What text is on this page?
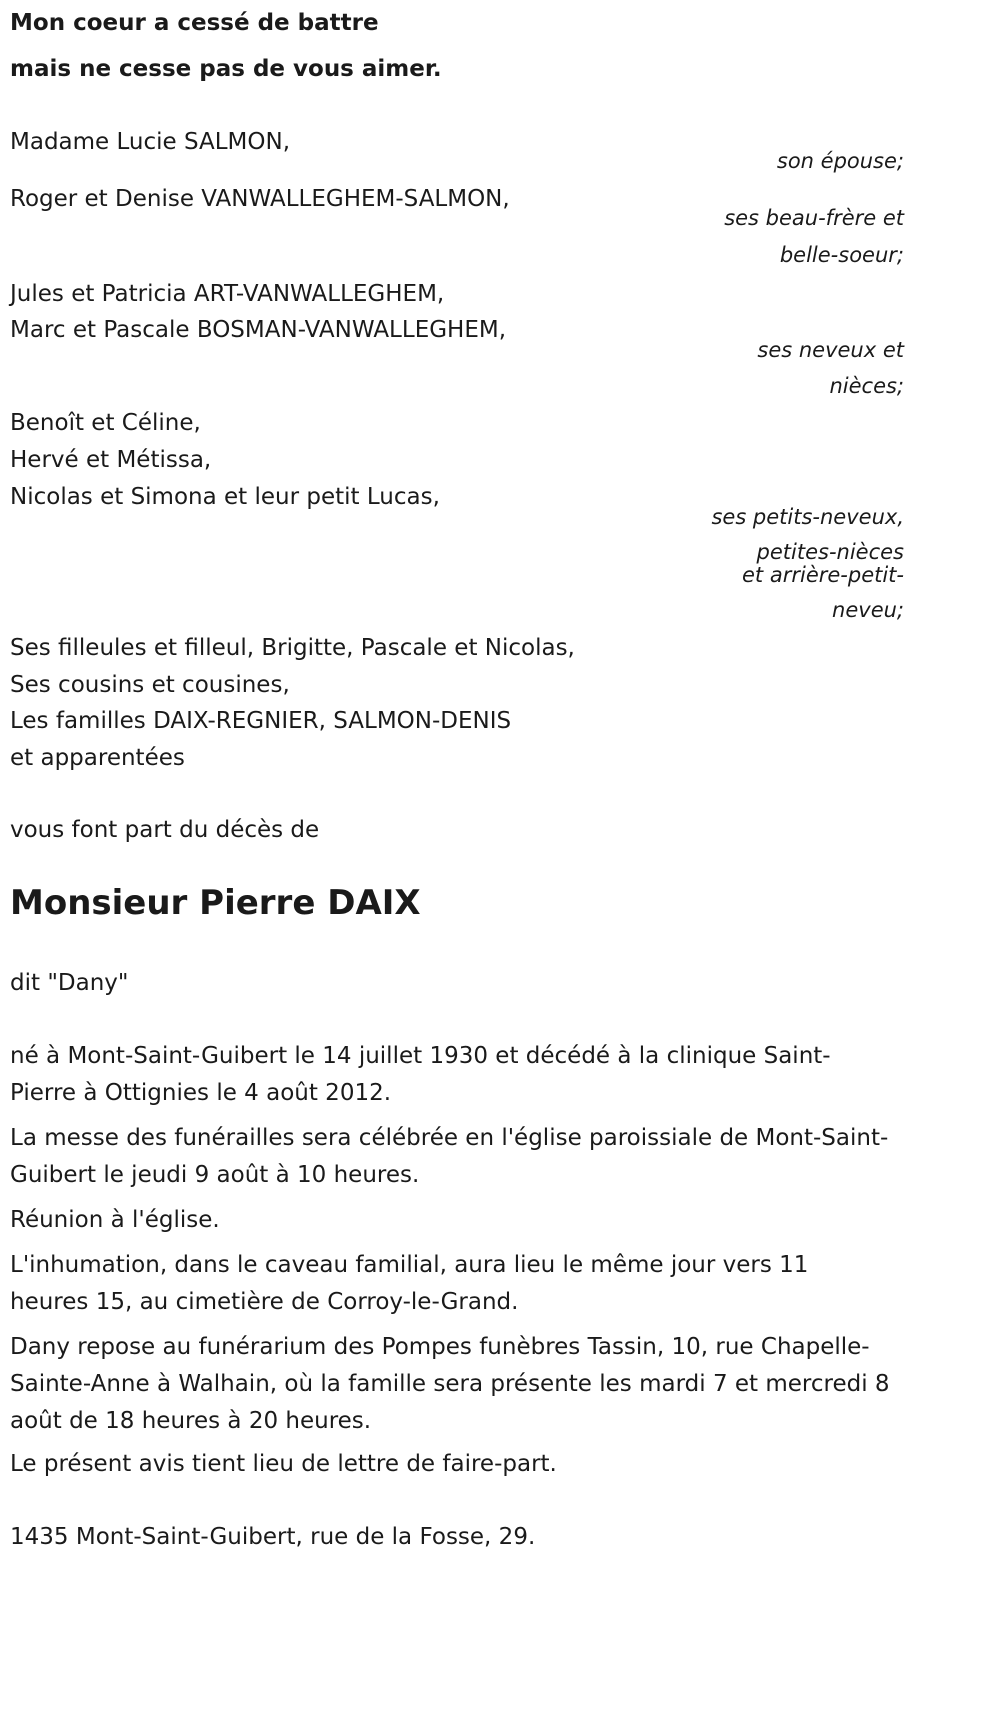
Mon coeur a cessé de battre

mais ne cesse pas de vous aimer.

Madame Lucie SALMON,

son épouse;

Roger et Denise VANWALLEGHEM-SALMON,

ses beau-frère et

belle-soeur;

Jules et Patricia ART-VANWALLEGHEM,

Marc et Pascale BOSMAN-VANWALLEGHEM,

ses neveux et

nièces;

Benoît et Céline,

Hervé et Métissa,

Nicolas et Simona et leur petit Lucas,

ses petits-neveux,

petites-nièces

et arrière-petit-

neveu;

Ses filleules et filleul, Brigitte, Pascale et Nicolas,

Ses cousins et cousines,

Les familles DAIX-REGNIER, SALMON-DENIS

et apparentées

vous font part du décès de

Monsieur Pierre DAIX

dit "Dany"

né à Mont-Saint-Guibert le 14 juillet 1930 et décédé à la clinique Saint-Pierre à Ottignies le 4 août 2012.

La messe des funérailles sera célébrée en l'église paroissiale de Mont-Saint-Guibert le jeudi 9 août à 10 heures.

Réunion à l'église.

L'inhumation, dans le caveau familial, aura lieu le même jour vers 11 heures 15, au cimetière de Corroy-le-Grand.

Dany repose au funérarium des Pompes funèbres Tassin, 10, rue Chapelle-Sainte-Anne à Walhain, où la famille sera présente les mardi 7 et mercredi 8 août de 18 heures à 20 heures.

Le présent avis tient lieu de lettre de faire-part.

1435 Mont-Saint-Guibert, rue de la Fosse, 29.
